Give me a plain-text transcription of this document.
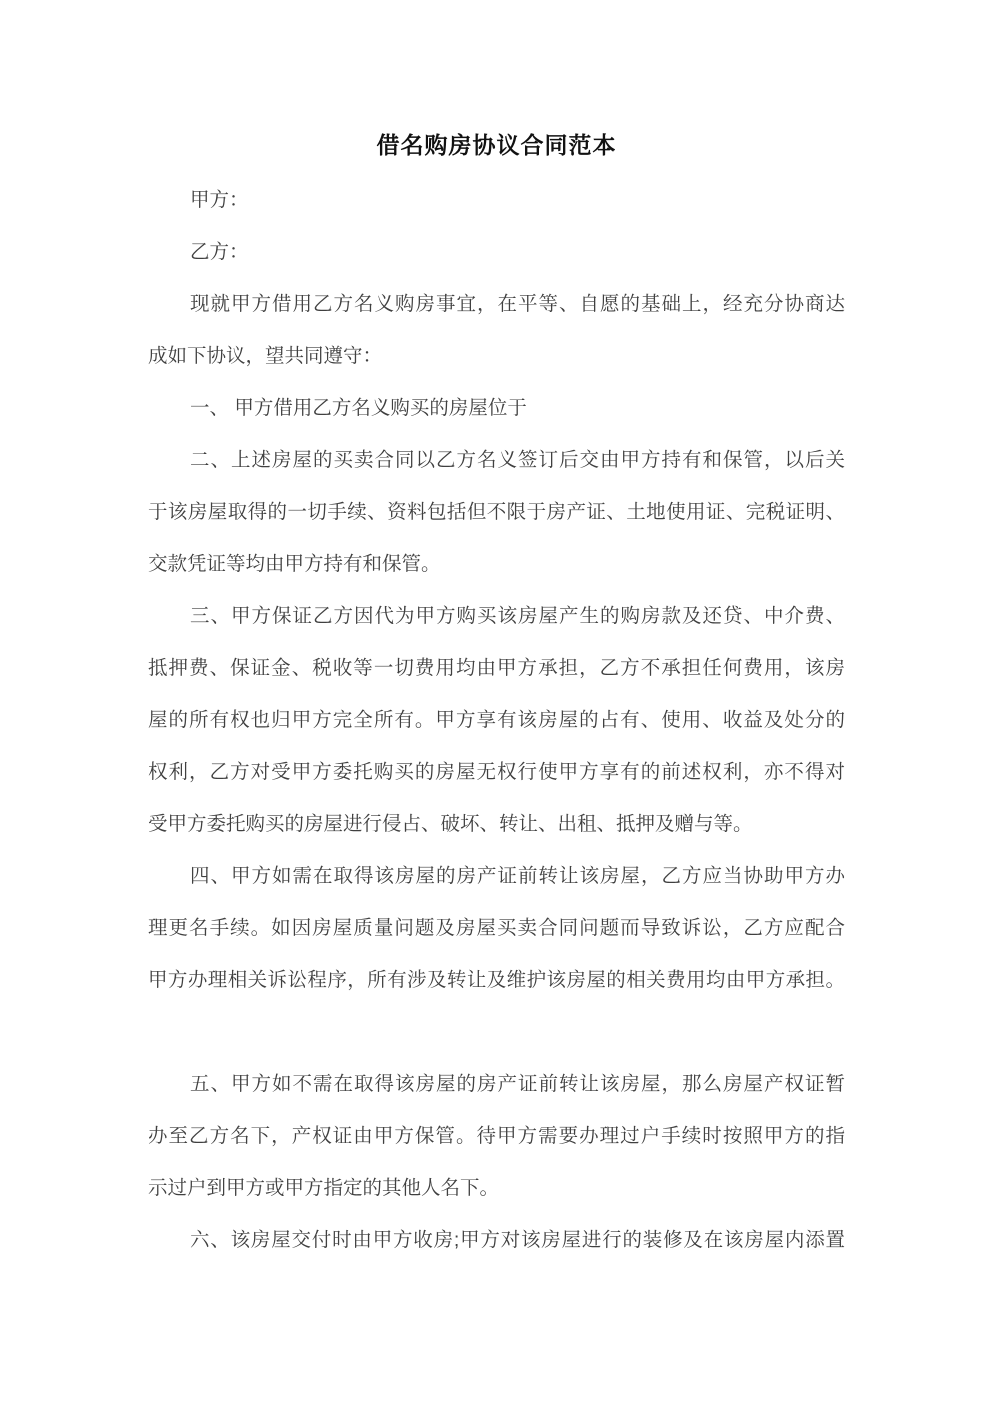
借名购房协议合同范本
甲方：
乙方：
现就甲方借用乙方名义购房事宜，在平等、自愿的基础上，经充分协商达
成如下协议，望共同遵守：
一、 甲方借用乙方名义购买的房屋位于
二、上述房屋的买卖合同以乙方名义签订后交由甲方持有和保管，以后关
于该房屋取得的一切手续、资料包括但不限于房产证、土地使用证、完税证明、
交款凭证等均由甲方持有和保管。
三、甲方保证乙方因代为甲方购买该房屋产生的购房款及还贷、中介费、
抵押费、保证金、税收等一切费用均由甲方承担，乙方不承担任何费用，该房
屋的所有权也归甲方完全所有。甲方享有该房屋的占有、使用、收益及处分的
权利，乙方对受甲方委托购买的房屋无权行使甲方享有的前述权利，亦不得对
受甲方委托购买的房屋进行侵占、破坏、转让、出租、抵押及赠与等。
四、甲方如需在取得该房屋的房产证前转让该房屋，乙方应当协助甲方办
理更名手续。如因房屋质量问题及房屋买卖合同问题而导致诉讼，乙方应配合
甲方办理相关诉讼程序，所有涉及转让及维护该房屋的相关费用均由甲方承担。
五、甲方如不需在取得该房屋的房产证前转让该房屋，那么房屋产权证暂
办至乙方名下，产权证由甲方保管。待甲方需要办理过户手续时按照甲方的指
示过户到甲方或甲方指定的其他人名下。
六、该房屋交付时由甲方收房;甲方对该房屋进行的装修及在该房屋内添置
